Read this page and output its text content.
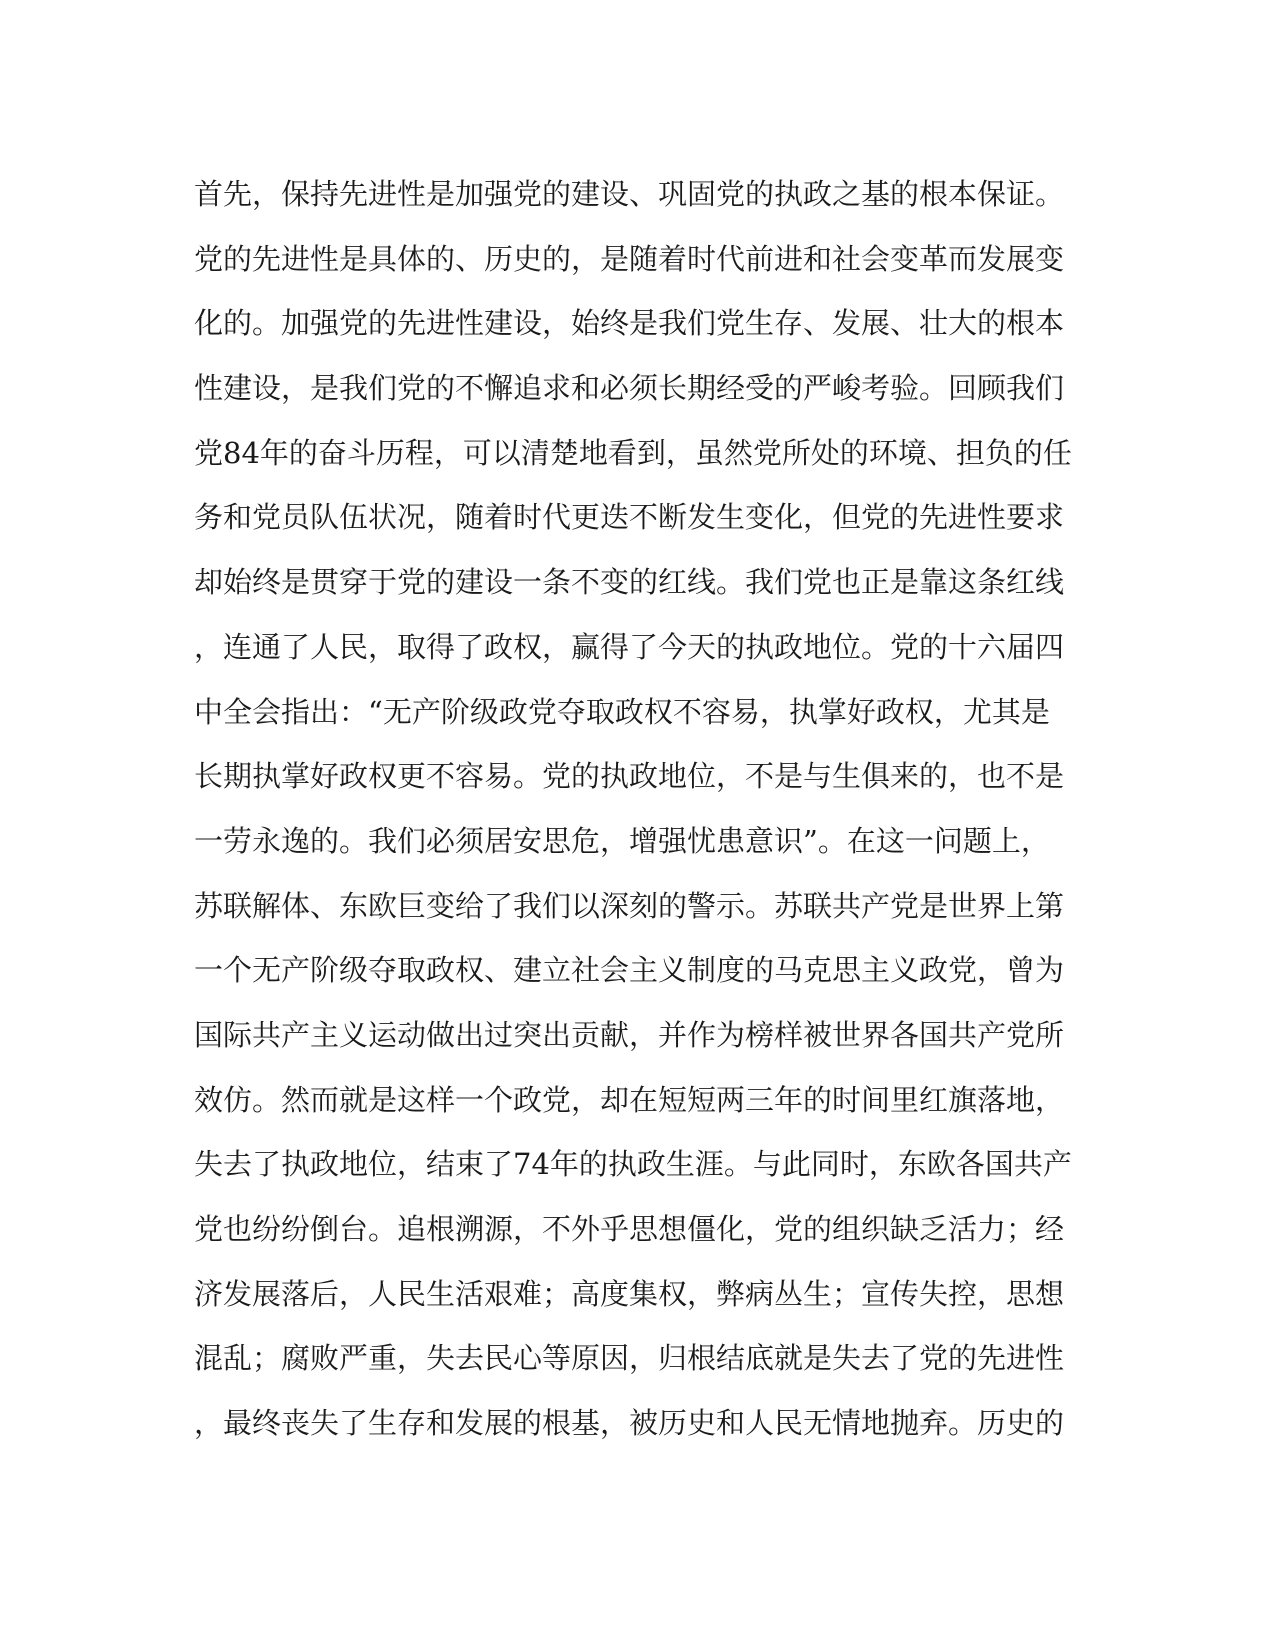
首先，保持先进性是加强党的建设、巩固党的执政之基的根本保证。
党的先进性是具体的、历史的，是随着时代前进和社会变革而发展变
化的。加强党的先进性建设，始终是我们党生存、发展、壮大的根本
性建设，是我们党的不懈追求和必须长期经受的严峻考验。回顾我们
党84年的奋斗历程，可以清楚地看到，虽然党所处的环境、担负的任
务和党员队伍状况，随着时代更迭不断发生变化，但党的先进性要求
却始终是贯穿于党的建设一条不变的红线。我们党也正是靠这条红线
，连通了人民，取得了政权，赢得了今天的执政地位。党的十六届四
中全会指出：“无产阶级政党夺取政权不容易，执掌好政权，尤其是
长期执掌好政权更不容易。党的执政地位，不是与生俱来的，也不是
一劳永逸的。我们必须居安思危，增强忧患意识”。在这一问题上，
苏联解体、东欧巨变给了我们以深刻的警示。苏联共产党是世界上第
一个无产阶级夺取政权、建立社会主义制度的马克思主义政党，曾为
国际共产主义运动做出过突出贡献，并作为榜样被世界各国共产党所
效仿。然而就是这样一个政党，却在短短两三年的时间里红旗落地，
失去了执政地位，结束了74年的执政生涯。与此同时，东欧各国共产
党也纷纷倒台。追根溯源，不外乎思想僵化，党的组织缺乏活力；经
济发展落后，人民生活艰难；高度集权，弊病丛生；宣传失控，思想
混乱；腐败严重，失去民心等原因，归根结底就是失去了党的先进性
，最终丧失了生存和发展的根基，被历史和人民无情地抛弃。历史的
